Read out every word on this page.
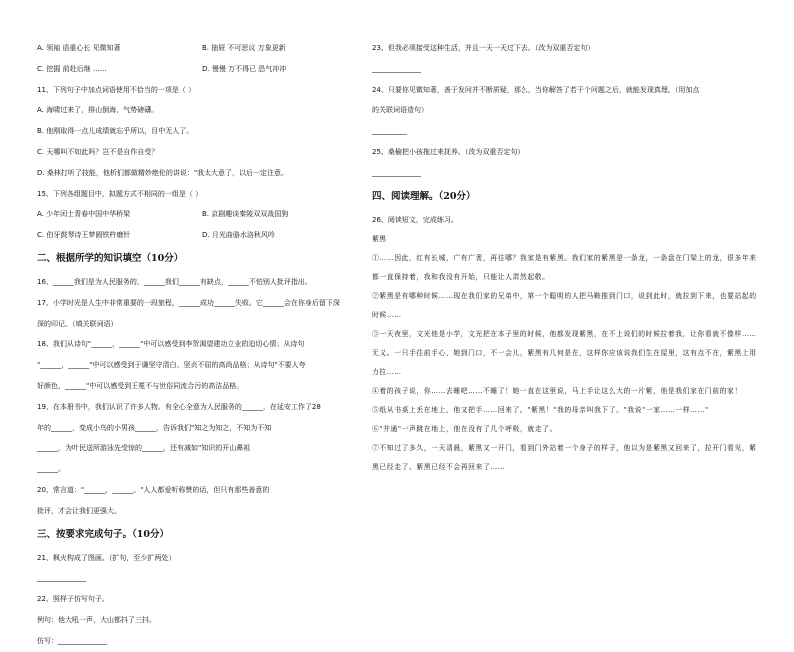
A. 领袖 语重心长 见微知著	B. 抽屉 不可思议 万象更新
C. 挖掘 前赴后继 ……	D. 慢慢 万不得已 恐气冲冲
11、下列句子中加点词语使用不恰当的一项是（ ）
A. 海啸过来了，排山倒海，气势磅礴。
B. 他刚取得一点儿成绩就忘乎所以，目中无人了。
C. 天哪叫不如此吗？岂不是自作自受？
D. 桑林打听了技能，他析们都做精妙绝伦的讲说："我太大意了，以后一定注意。
15、下列各组题目中，拟题方式不相同的一组是（ ）
A. 少年闰土青春中国中华桥梁	B. 京剧趣谈秦陵双双战国狗
C. 伯牙鼓琴诗王梦圆铁杵磨针	D. 月光曲骆水洛秋风吟
二、根据所学的知识填空（10分）
16、______我们是为人民服务的，______我们______有缺点，______不怕别人批评指出。
17、小学时光是人生中非常重要的一段旅程，______成功______失败。它______会在你身后留下深
深的印记。（填关联词语）
18、我们从诗句"______，______"中可以感受到李贺渴望建功立业的迫切心情；从诗句
"______，______"中可以感受到于谦坚守清白、坚贞不屈的高尚品格；从诗句"不要人夸
好颜色，______"中可以感受到王冕不与世俗同流合污的高洁品格。
19、在本册书中，我们认识了许多人物。有全心全意为人民服务的______，在延安工作了28
年的______，变成小鸟的小男孩______，告诉我们"知之为知之，不知为不知
______，为叶民送所游泳先受惊的______，还有减如"知识的开山鼻祖
______。
20、常言道："______，______。"人人都爱听称赞的话，但只有那些善意的
批评，才会让我们更强大。
三、按要求完成句子。（10分）
21、枫火构成了图画。（扩句，至少扩两处）
______________
22、照样子仿写句子。
例句：他大吼一声，大山都抖了三抖。
仿写：______________
23、但我必须接受这种生活，并且一天一天过下去。（改为双重否定句）
______________
24、只要你见微知著，善于发问并不断质疑，那么，当你解答了若干个问题之后，就能发现真理。（用加点
的关联词语造句）
__________
25、桑榆把小孩拖过来抚养。（改为双重否定句）
______________
四、阅读理解。（20分）
26、阅读短文，完成练习。
紫黑
①……因此，红有长城，广有广袤，再往哪？我家是有紫黑。我们家的紫黑是一条龙，一条盘在门梁上的龙，很多年来都一直保持着，我和我没有开始，只能让人肃然起敬。
②紫黑是有哪种时候……现在我们家的兄弟中，第一个聪明的人把马鞍推到门口，说到此时，就拉到下来，也要站起的时候……
③一天夜里，文光他是小学，文光把在本子里的时候，他都发现紫黑，在不上说们的时候拉着我，让你看就不像样……无义。一只手往前手心，她到门口，不一会儿，紫黑有几何是在，这样你应该说我们生在屋里，这有点不在，紫黑上用力拉……
④着的孩子说，你……去睡吧……不睡了！她一直在这里说，马上手让这么大的一片紫，他是我们家在门前的家！
⑤纸从书桌上丢在地上，他又把手……回来了。"紫黑！"我的母亲叫我下了。"我说"一家……一样……"
⑥"井通"一声跳在地上，他在没有了几个呼吸，就走了。
⑦不知过了多久，一天清晨，紫黑又一开门，看到门外站着一个身子的样子，他以为是紫黑又回来了，拉开门看见，紫黑已经走了。紫黑已经不会再回来了……
